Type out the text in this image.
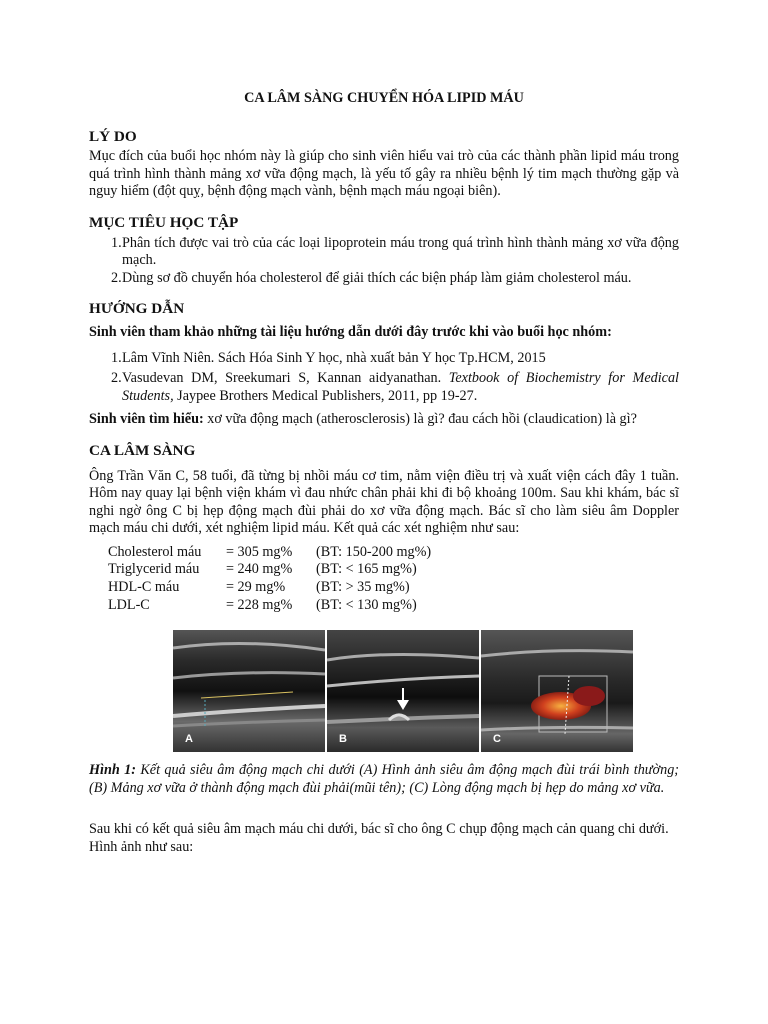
CA LÂM SÀNG CHUYỂN HÓA LIPID MÁU
LÝ DO

Mục đích của buổi học nhóm này là giúp cho sinh viên hiểu vai trò của các thành phần lipid máu trong quá trình hình thành mảng xơ vữa động mạch, là yếu tố gây ra nhiều bệnh lý tim mạch thường gặp và nguy hiểm (đột quỵ, bệnh động mạch vành, bệnh mạch máu ngoại biên).

MỤC TIÊU HỌC TẬP
1. Phân tích được vai trò của các loại lipoprotein máu trong quá trình hình thành mảng xơ vữa động mạch.
2. Dùng sơ đồ chuyển hóa cholesterol để giải thích các biện pháp làm giảm cholesterol máu.
HƯỚNG DẪN
Sinh viên tham khảo những tài liệu hướng dẫn dưới đây trước khi vào buổi học nhóm:
1. Lâm Vĩnh Niên. Sách Hóa Sinh Y học, nhà xuất bản Y học Tp.HCM, 2015
2. Vasudevan DM, Sreekumari S, Kannan aidyanathan. Textbook of Biochemistry for Medical Students, Jaypee Brothers Medical Publishers, 2011, pp 19-27.

Sinh viên tìm hiểu: xơ vữa động mạch (atherosclerosis) là gì? đau cách hồi (claudication) là gì?

CA LÂM SÀNG

Ông Trần Văn C, 58 tuổi, đã từng bị nhồi máu cơ tim, nằm viện điều trị và xuất viện cách đây 1 tuần. Hôm nay quay lại bệnh viện khám vì đau nhức chân phải khi đi bộ khoảng 100m. Sau khi khám, bác sĩ nghi ngờ ông C bị hẹp động mạch đùi phải do xơ vữa động mạch. Bác sĩ cho làm siêu âm Doppler mạch máu chi dưới, xét nghiệm lipid máu. Kết quả các xét nghiệm như sau:

Cholesterol máu	= 305 mg%	(BT: 150-200 mg%)
Triglycerid máu	= 240 mg%	(BT: < 165 mg%)
HDL-C máu	= 29 mg%	(BT: > 35 mg%)
LDL-C	= 228 mg%	(BT: < 130 mg%)
A	B	C

Hình 1: Kết quả siêu âm động mạch chi dưới (A) Hình ảnh siêu âm động mạch đùi trái bình thường; (B) Mảng xơ vữa ở thành động mạch đùi phải(mũi tên); (C) Lòng động mạch bị hẹp do mảng xơ vữa.

Sau khi có kết quả siêu âm mạch máu chi dưới, bác sĩ cho ông C chụp động mạch cản quang chi dưới. Hình ảnh như sau:
